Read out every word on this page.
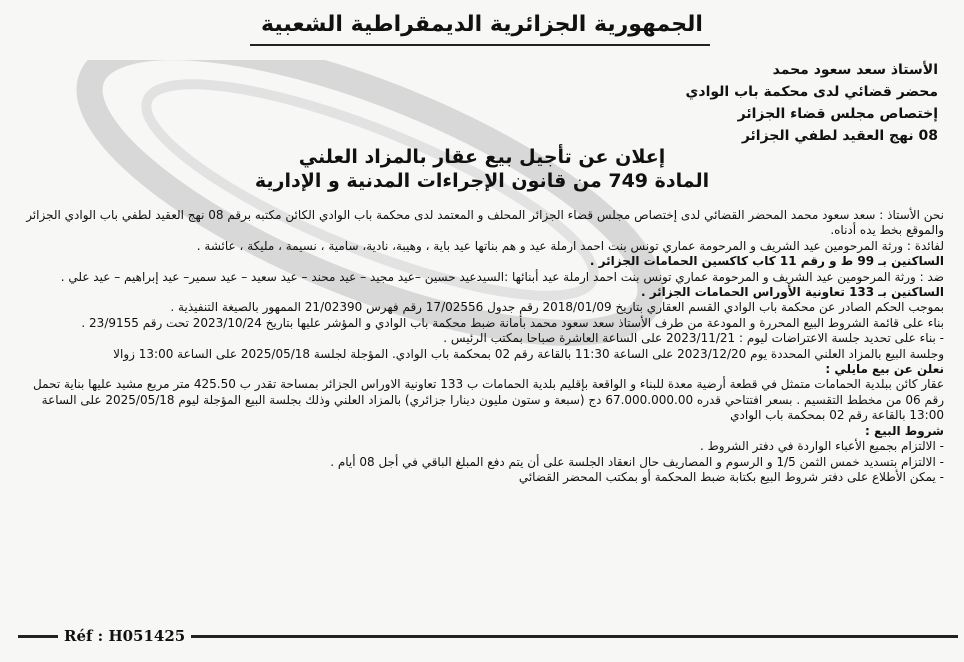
الجمهورية الجزائرية الديمقراطية الشعبية
الأستاذ سعد سعود محمد
محضر قضائي لدى محكمة باب الوادي
إختصاص مجلس قضاء الجزائر
08 نهج العقيد لطفي الجزائر
إعلان عن تأجيل بيع عقار بالمزاد العلني
المادة 749 من قانون الإجراءات المدنية و الإدارية

نحن الأستاذ : سعد سعود محمد المحضر القضائي لدى إختصاص مجلس قضاء الجزائر المحلف و المعتمد لدى محكمة باب الوادي الكائن مكتبه برقم 08 نهج العقيد لطفي باب الوادي الجزائر والموقع بخط يده أدناه.

لفائدة : ورثة المرحومين عيد الشريف و المرحومة عماري تونس بنت احمد ارملة عيد و هم بناتها عيد باية ، وهيبة، نادية، سامية ، نسيمة ، مليكة ، عائشة .

الساكنين بـ 99 ط و رقم 11 كاب كاكسين الحمامات الجزائر .

ضد : ورثة المرحومين عيد الشريف و المرحومة عماري تونس بنت احمد ارملة عيد أبنائها :السيدعيد حسين –عيد مجيد – عيد محند – عيد سعيد – عيد سمير– عيد إبراهيم – عيد علي .

الساكنين بـ 133 تعاونية الأوراس الحمامات الجزائر .

بموجب الحكم الصادر عن محكمة باب الوادي القسم العقاري بتاريخ 2018/01/09 رقم جدول 17/02556 رقم فهرس 21/02390 الممهور بالصيغة التنفيذية .

بناء على قائمة الشروط البيع المحررة و المودعة من طرف الأستاذ سعد سعود محمد بأمانة ضبط محكمة باب الوادي و المؤشر عليها بتاريخ 2023/10/24 تحت رقم 23/9155 .

- بناء على تحديد جلسة الاعتراضات ليوم : 2023/11/21 على الساعة العاشرة صباحا بمكتب الرئيس .

وجلسة البيع بالمزاد العلني المحددة يوم 2023/12/20 على الساعة 11:30 بالقاعة رقم 02 بمحكمة باب الوادي. المؤجلة لجلسة 2025/05/18 على الساعة 13:00 زوالا

نعلن عن بيع مايلي :

عقار كائن ببلدية الحمامات متمثل في قطعة أرضية معدة للبناء و الواقعة بإقليم بلدية الحمامات ب 133 تعاونية الاوراس الجزائر بمساحة تقدر ب 425.50 متر مربع مشيد عليها بناية تحمل رقم 06 من مخطط التقسيم . بسعر افتتاحي قدره 67.000.000.00 دج (سبعة و ستون مليون دينارا جزائري) بالمزاد العلني وذلك بجلسة البيع المؤجلة ليوم 2025/05/18 على الساعة 13:00 بالقاعة رقم 02 بمحكمة باب الوادي

شروط البيع :

- الالتزام بجميع الأعباء الواردة في دفتر الشروط .

- الالتزام بتسديد خمس الثمن 1/5 و الرسوم و المصاريف حال انعقاد الجلسة على أن يتم دفع المبلغ الباقي في أجل 08 أيام .

- يمكن الأطلاع على دفتر شروط البيع بكتابة ضبط المحكمة أو بمكتب المحضر القضائي

Réf : H051425
